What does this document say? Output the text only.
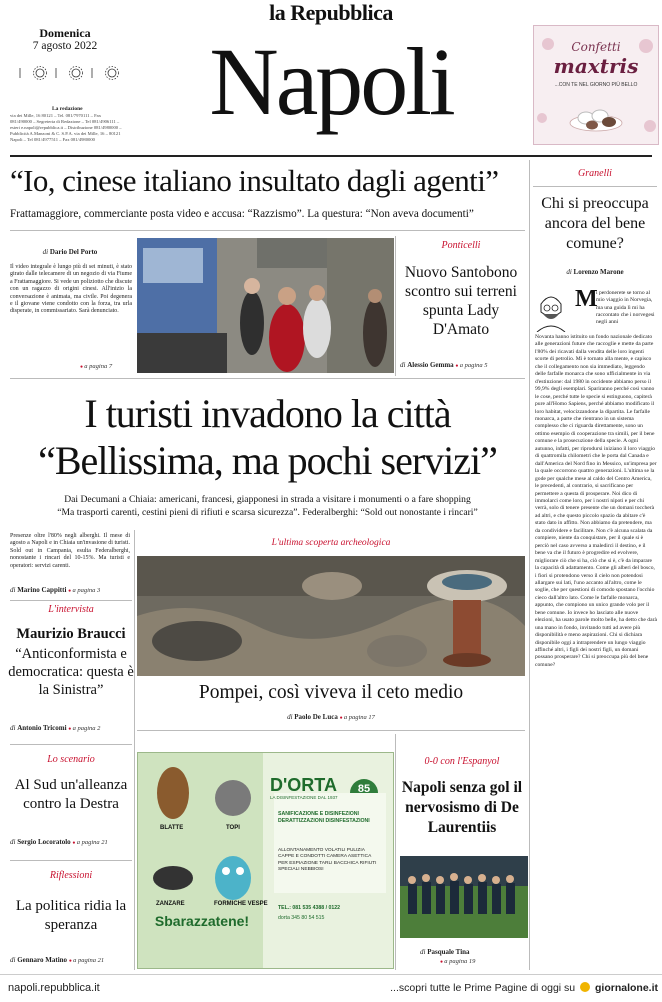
la Repubblica
Napoli
Domenica
7 agosto 2022
La redazione
via dei Mille, 16 80121 – Tel. 081/7970111 – Fax 081/490000 – Segreteria di Redazione – Tel 081/4906111 – esteri e.napoli@repubblica.it – Distribuzione 081/4980000 – Pubblicità A.Manzoni & C. S.P.A. via dei Mille, 16 – 80121 Napoli – Tel 081/4977511 – Fax 081/4980000
Confetti
maxtris
...CON TE NEL GIORNO PIÙ BELLO
“Io, cinese italiano insultato dagli agenti”
Frattamaggiore, commerciante posta video e accusa: “Razzismo”. La questura: “Non aveva documenti”
di Dario Del Porto
Il video integrale è lungo più di sei minuti, è stato girato dalle telecamere di un negozio di via Fiume a Frattamaggiore. Si vede un poliziotto che discute con un ragazzo di origini cinesi. All'inizio la conversazione è animata, ma civile. Poi degenera e il giovane viene condotto con la forza, tra urla disperate, in commissariato. Sarà denunciato.
● a pagina 7
Ponticelli
Nuovo Santobono scontro sui terreni spunta Lady D'Amato
di Alessio Gemma ● a pagina 5
I turisti invadono la città
“Bellissima, ma pochi servizi”
Dai Decumani a Chiaia: americani, francesi, giapponesi in strada a visitare i monumenti o a fare shopping
“Ma trasporti carenti, cestini pieni di rifiuti e scarsa sicurezza”. Federalberghi: “Sold out nonostante i rincari”
Presenze oltre l'80% negli alberghi. Il mese di agosto a Napoli e in Chiaia un'invasione di turisti. Sold out in Campania, esulta Federalberghi, nonostante i rincari del 10-15%. Ma turisti e operatori: servizi carenti.
di Marino Cappitti ● a pagina 3
L'ultima scoperta archeologica
Pompei, così viveva il ceto medio
di Paolo De Luca ● a pagina 17
L'intervista
Maurizio Braucci
“Anticonformista e democratica: questa è la Sinistra”
di Antonio Tricomi ● a pagina 2
Lo scenario
Al Sud un'alleanza contro la Destra
di Sergio Locoratolo ● a pagina 21
Riflessioni
La politica ridia la speranza
di Gennaro Matino ● a pagina 21
D'ORTA
LA DISINFESTAZIONE DAL 1937
85
SANIFICAZIONE E DISINFEZIONI DERATTIZZAZIONI DISINFESTAZIONI
ALLONTANAMENTO VOLATILI PULIZIA CAPPE E CONDOTTI CAMERA ASETTICA PER ESPIAZIONE TARLI BACCHICA RIFIUTI SPECIALI NEBBIOSI
TEL.: 081 535 4388 / 0122
dorta 345 80 54 515
BLATTE	TOPI
ZANZARE	FORMICHE VESPE
Sbarazzatene!
0-0 con l'Espanyol
Napoli senza gol il nervosismo di De Laurentiis
di Pasquale Tina
● a pagina 19
Granelli
Chi si preoccupa ancora del bene comune?
di Lorenzo Marone
M
i perdonerete se torno al mio viaggio in Norvegia, ma una guida lì mi ha raccontato che i norvegesi negli anni
Novanta hanno istituito un fondo nazionale dedicato alle generazioni future che raccoglie e mette da parte l'80% dei ricavati dalla vendita delle loro ingenti scorte di petrolio. Mi è tornato alla mente, e capisco che il collegamento non sia immediato, leggendo delle farfalle monarca che sono ufficialmente in via d'estinzione: dal 1980 in occidente abbiamo perso il 99,9% degli esemplari. Spariranno perché così vanno le cose, perché tutte le specie si estinguono, capiterà pure all'Homo Sapiens, perché abbiamo modificato il loro habitat, velocizzandone la dipartita. Le farfalle monarca, a parte che rientrano in un sistema complesso che ci riguarda direttamente, sono un ottimo esempio di cooperazione tra simili, per il bene comune e la prosecuzione della specie. A ogni autunno, infatti, per riprodursi iniziano il loro viaggio di quattromila chilometri che le porta dal Canada e dall'America del Nord fino in Messico, un'impresa per la quale occorrono quattro generazioni. L'ultima se la gode per qualche mese al caldo del Centro America, le precedenti, al contrario, si sacrificano per permettere a questa di prosperare. Noi dico di immolarci come loro, per i nostri nipoti e per chi verrà, solo di tenere presente che un domani toccherà ad altri, e che questo piccolo spazio da abitare c'è stato dato in affitto. Non abbiamo da pretendere, ma da condividere e facilitare. Non c'è alcuna scalata da compiere, niente da conquistare, per il quale si è perciò nel caso avverso a maledirci il destino, e il bene va che il futuro è progredire ed evolvere, migliorare ciò che si ha, ciò che si è, c'è da imparare la capacità di adattamento. Come gli alberi del bosco, i fiori si protendono verso il cielo non potendosi allargare sui lati, l'uno accanto all'altro, come le soglie, che per questioni di comodo spostano l'occhio cieco dall'altro lato. Come le farfalle monarca, appunto, che compiono un unico grande volo per il bene comune. Io invece ho lasciato alle nuove elezioni, ha usato parole molto belle, ha detto che darà una mano in fondo, invitando tutti ad avere più disponibilità e meno aspirazioni. Chi si dichiara disponibile oggi a intraprendere un lungo viaggio affinché altri, i figli dei nostri figli, un domani possano prosperare? Chi si preoccupa più del bene comune?
napoli.repubblica.it	...scopri tutte le Prime Pagine di oggi su giornalone.it
